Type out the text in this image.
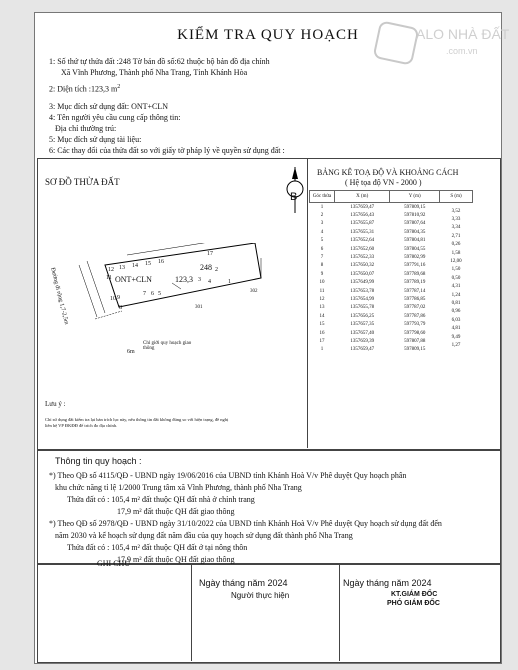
KIỂM TRA QUY HOẠCH
1: Số thứ tự thửa đất :248 Tờ bản đồ số:62 thuộc bộ bản đồ địa chính
Xã Vĩnh Phương, Thành phố Nha Trang, Tỉnh Khánh Hòa
2: Diện tích :123,3 $m^2$
3: Mục đích sử dụng đất: ONT+CLN
4: Tên người yêu cầu cung cấp thông tin:
Địa chỉ thường trú:
5: Mục đích sử dụng tài liệu:
6: Các thay đổi của thửa đất so với giấy tờ pháp lý về quyền sử dụng đất :
SƠ ĐỒ THỬA ĐẤT
B
Đường đi rộng 1,7-2,5m	ONT+CLN
248
123,3
17
2
3 4
5
6
7
8
9
10
11
12 13 14 15 16
1
302
301
Chỉ giới quy hoạch giao thông
6m
BẢNG KÊ TOẠ ĐỘ VÀ KHOẢNG CÁCH
( Hệ tọa độ VN - 2000 )
Góc thửa	X (m)	Y (m)	S (m)
1	1357659,47	597809,15	3,52
2	1357656,43	597810,92	3,33
3	1357655,87	597807,64	3,34
4	1357655,31	597804,35	2,71
5	1357652,64	597804,81	0,26
6	1357652,60	597804,55	1,58
7	1357652,33	597802,99	12,00
8	1357650,32	597791,16	1,50
9	1357650,07	597789,68	0,50
10	1357649,99	597789,19	4,31
11	1357653,78	597787,14	1,24
12	1357654,99	597786,85	0,81
13	1357655,78	597787,02	0,96
14	1357656,25	597787,86	6,03
15	1357657,35	597793,79	4,81
16	1357657,40	597798,60	9,49
17	1357659,39	597807,88	1,27
1	1357659,47	597809,15	
Lưu ý :
Chỉ sử dụng đất kiểm tra lại bản trích lục này, nếu thông tin đất không đúng so với hiện trạng, đề nghị
liên hệ VP ĐKĐĐ để trích đo địa chính.
Thông tin quy hoạch :
*) Theo QĐ số 4115/QĐ - UBND ngày 19/06/2016 của UBND tỉnh Khánh Hoà V/v Phê duyệt Quy hoạch phân
khu chức năng tỉ lệ 1/2000 Trung tâm xã Vĩnh Phương, thành phố Nha Trang
Thửa đất có : 105,4 m² đất thuộc QH đất nhà ở chỉnh trang
17,9 m² đất thuộc QH đất giao thông
*) Theo QĐ số 2978/QĐ - UBND ngày 31/10/2022 của UBND tỉnh Khánh Hoà V/v Phê duyệt Quy hoạch sử dụng đất đến
năm 2030 và kế hoạch sử dụng đất năm đầu của quy hoạch sử dụng đất thành phố Nha Trang
Thửa đất có : 105,4 m² đất thuộc QH đất ở tại nông thôn
17,9 m² đất thuộc QH đất giao thông
GHI CHÚ
Ngày tháng năm 2024
Người thực hiện
Ngày tháng năm 2024
KT.GIÁM ĐỐC
PHÓ GIÁM ĐỐC
ALO NHÀ ĐẤT
.com.vn
